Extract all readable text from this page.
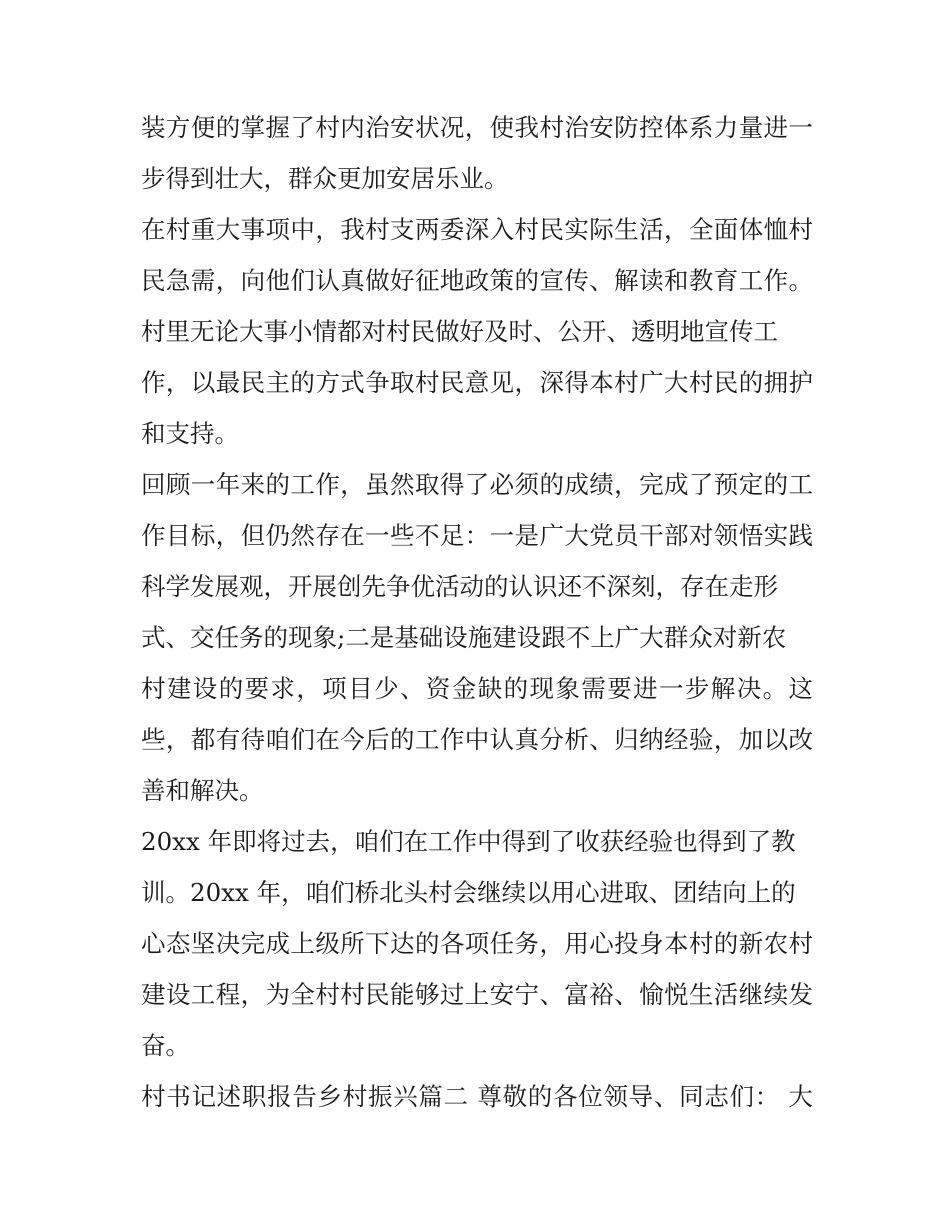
装方便的掌握了村内治安状况，使我村治安防控体系力量进一
步得到壮大，群众更加安居乐业。
在村重大事项中，我村支两委深入村民实际生活，全面体恤村
民急需，向他们认真做好征地政策的宣传、解读和教育工作。
村里无论大事小情都对村民做好及时、公开、透明地宣传工
作，以最民主的方式争取村民意见，深得本村广大村民的拥护
和支持。
回顾一年来的工作，虽然取得了必须的成绩，完成了预定的工
作目标，但仍然存在一些不足：一是广大党员干部对领悟实践
科学发展观，开展创先争优活动的认识还不深刻，存在走形
式、交任务的现象;二是基础设施建设跟不上广大群众对新农
村建设的要求，项目少、资金缺的现象需要进一步解决。这
些，都有待咱们在今后的工作中认真分析、归纳经验，加以改
善和解决。
20xx 年即将过去，咱们在工作中得到了收获经验也得到了教
训。20xx 年，咱们桥北头村会继续以用心进取、团结向上的
心态坚决完成上级所下达的各项任务，用心投身本村的新农村
建设工程，为全村村民能够过上安宁、富裕、愉悦生活继续发
奋。
村书记述职报告乡村振兴篇二 尊敬的各位领导、同志们： 大
